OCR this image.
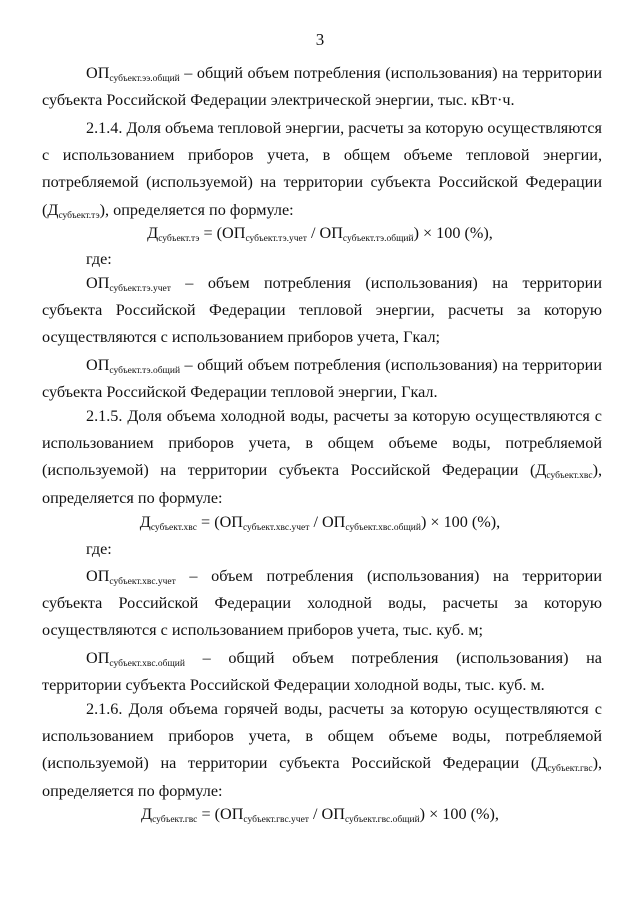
3

$ОП_{субъект.ээ.общий}$ – общий объем потребления (использования) на территории субъекта Российской Федерации электрической энергии, тыс. кВт·ч.

2.1.4. Доля объема тепловой энергии, расчеты за которую осуществляются с использованием приборов учета, в общем объеме тепловой энергии, потребляемой (используемой) на территории субъекта Российской Федерации $(Д_{субъект.тэ})$, определяется по формуле:

$Д_{субъект.тэ} = (ОП_{субъект.тэ.учет} / ОП_{субъект.тэ.общий}) \times 100$ (%),
где:

$ОП_{субъект.тэ.учет}$ – объем потребления (использования) на территории субъекта Российской Федерации тепловой энергии, расчеты за которую осуществляются с использованием приборов учета, Гкал;

$ОП_{субъект.тэ.общий}$ – общий объем потребления (использования) на территории субъекта Российской Федерации тепловой энергии, Гкал.

2.1.5. Доля объема холодной воды, расчеты за которую осуществляются с использованием приборов учета, в общем объеме воды, потребляемой (используемой) на территории субъекта Российской Федерации $(Д_{субъект.хвс})$, определяется по формуле:

$Д_{субъект.хвс} = (ОП_{субъект.хвс.учет} / ОП_{субъект.хвс.общий}) \times 100$ (%),
где:

$ОП_{субъект.хвс.учет}$ – объем потребления (использования) на территории субъекта Российской Федерации холодной воды, расчеты за которую осуществляются с использованием приборов учета, тыс. куб. м;

$ОП_{субъект.хвс.общий}$ – общий объем потребления (использования) на территории субъекта Российской Федерации холодной воды, тыс. куб. м.

2.1.6. Доля объема горячей воды, расчеты за которую осуществляются с использованием приборов учета, в общем объеме воды, потребляемой (используемой) на территории субъекта Российской Федерации $(Д_{субъект.гвс})$, определяется по формуле:

$Д_{субъект.гвс} = (ОП_{субъект.гвс.учет} / ОП_{субъект.гвс.общий}) \times 100$ (%),
